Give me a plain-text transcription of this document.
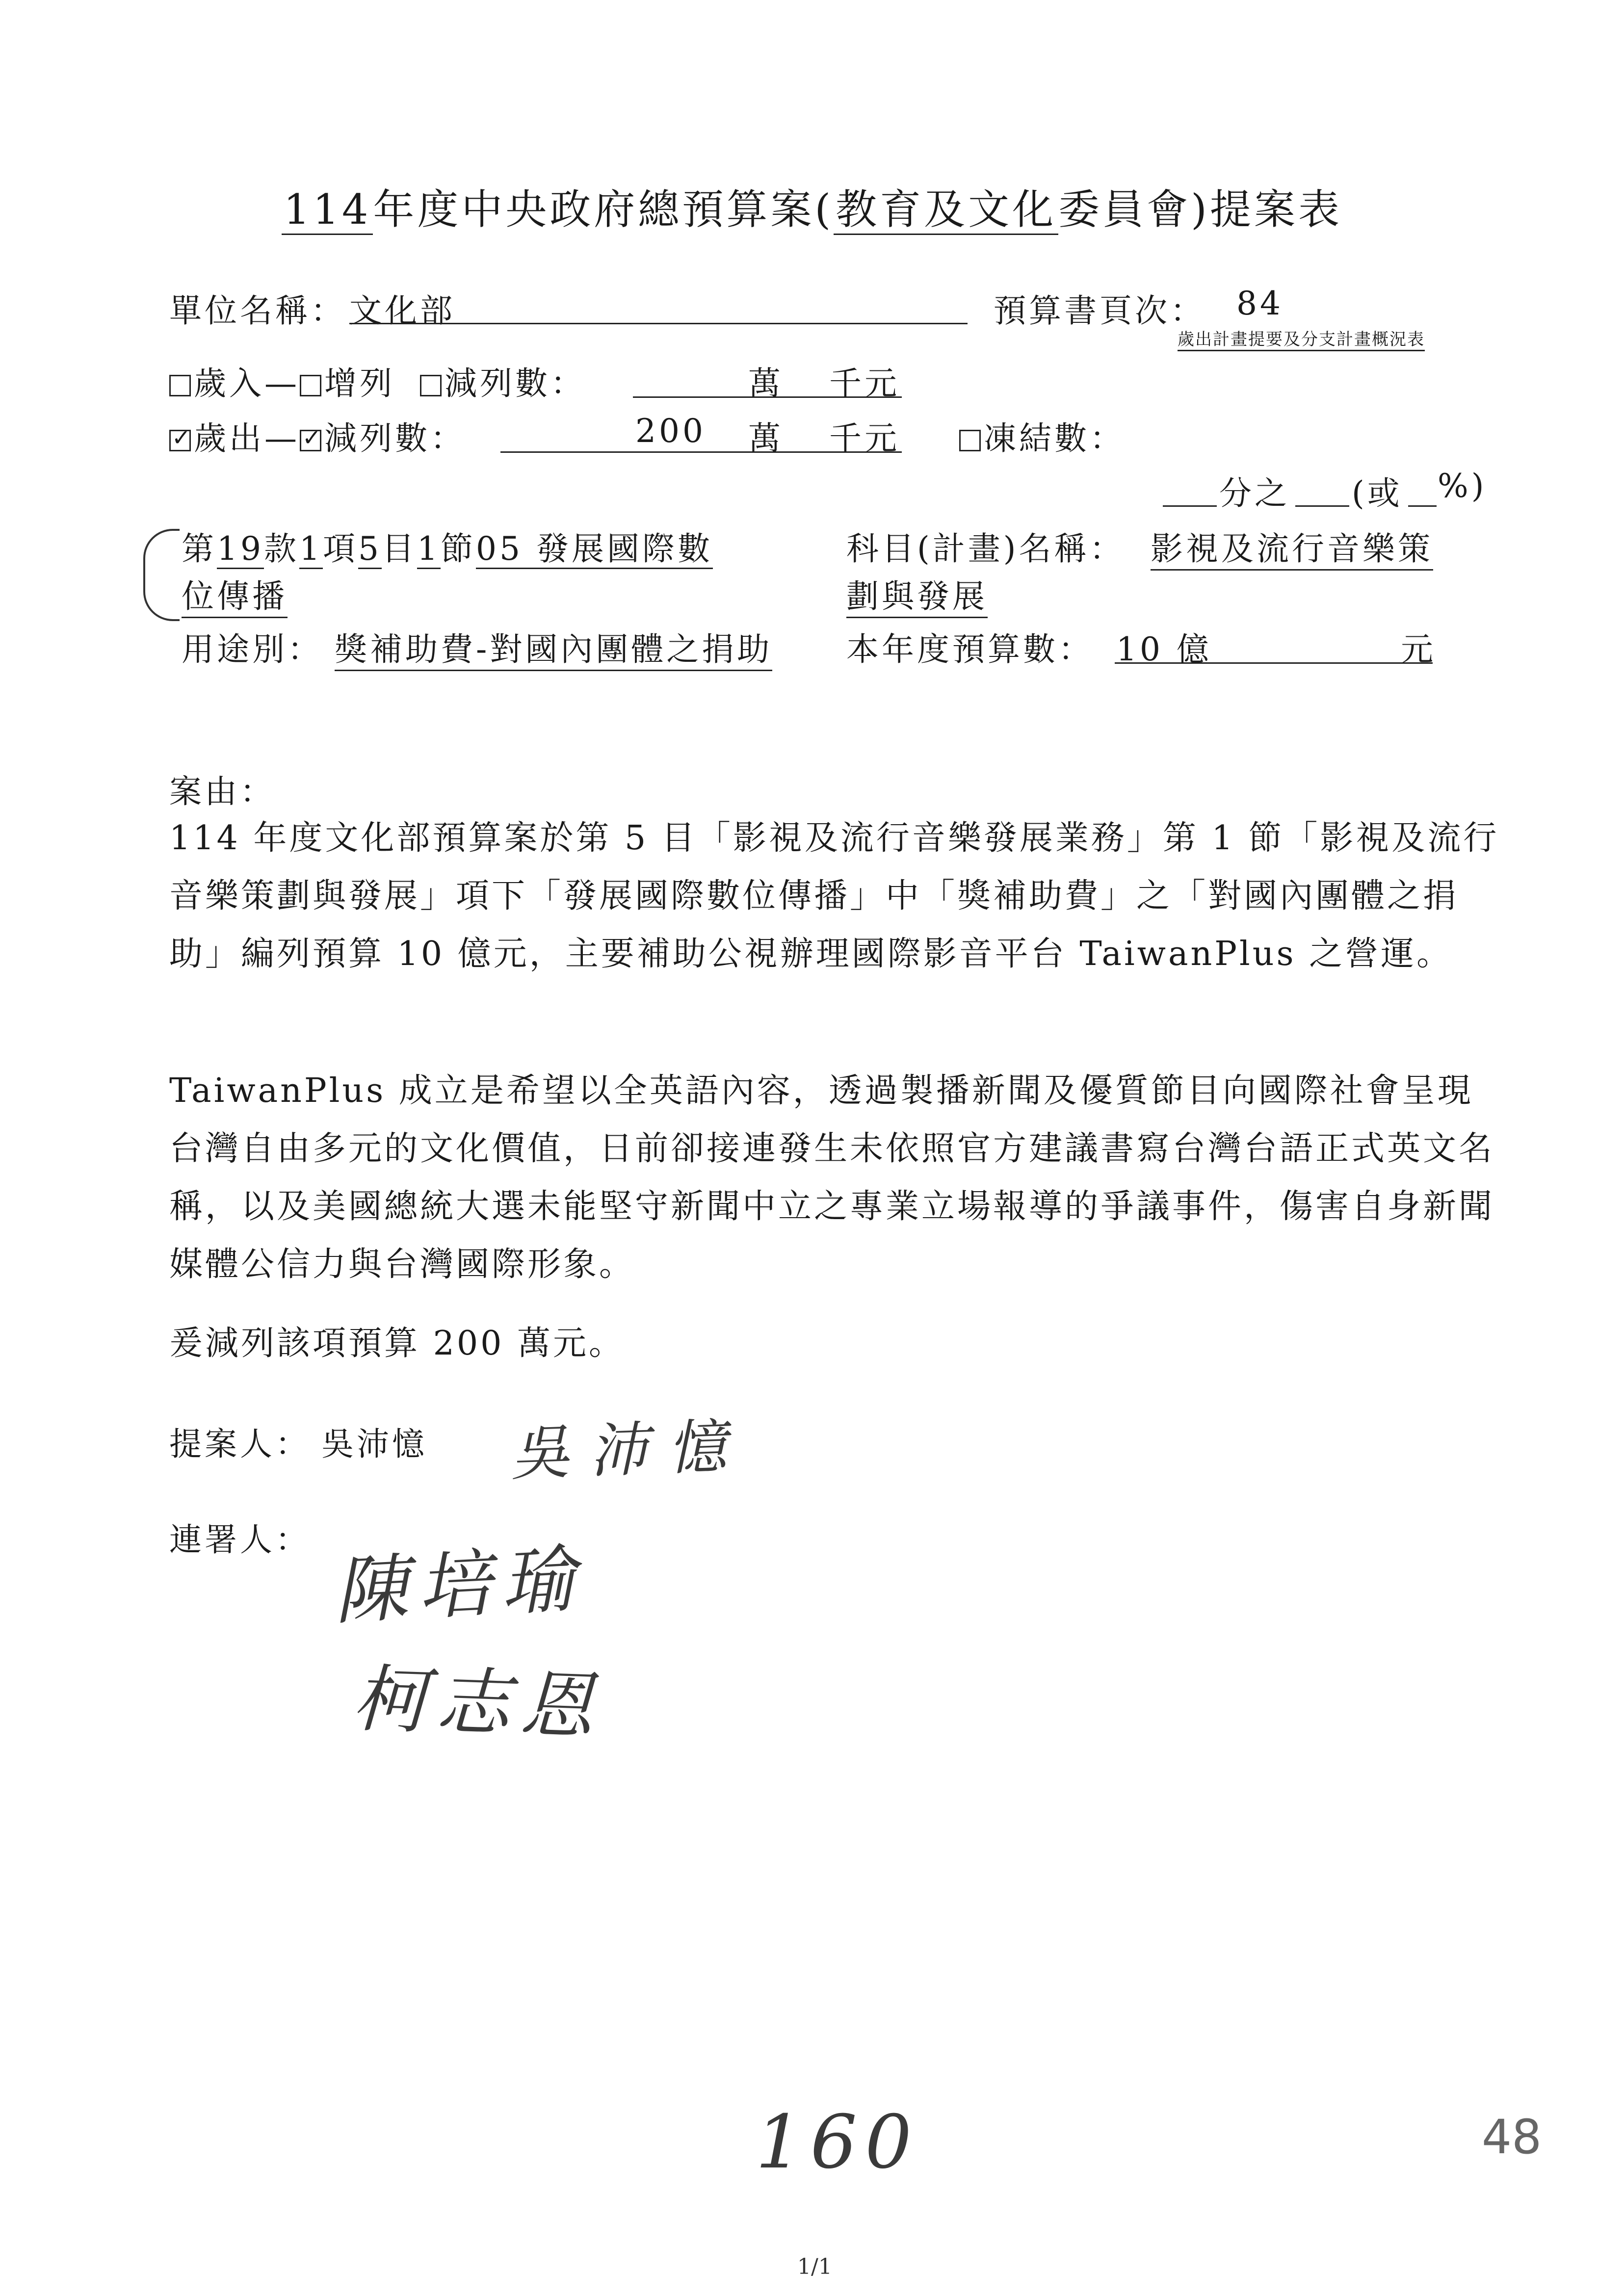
114年度中央政府總預算案(教育及文化委員會)提案表
單位名稱： 文化部	預算書頁次： 84
歲出計畫提要及分支計畫概況表
歲入— 增列 減列數：	萬 千元
✓歲出—✓ 減列數：	200 萬 千元	凍結數：
分之 (或 %)
第19款1項5目1節05 發展國際數
位傳播
科目(計畫)名稱： 影視及流行音樂策
劃與發展
用途別： 獎補助費-對國內團體之捐助 本年度預算數： 10 億	元
案由：

114 年度文化部預算案於第 5 目「影視及流行音樂發展業務」第 1 節「影視及流行音樂策劃與發展」項下「發展國際數位傳播」中「獎補助費」之「對國內團體之捐助」編列預算 10 億元，主要補助公視辦理國際影音平台 TaiwanPlus 之營運。

TaiwanPlus 成立是希望以全英語內容，透過製播新聞及優質節目向國際社會呈現台灣自由多元的文化價值，日前卻接連發生未依照官方建議書寫台灣台語正式英文名稱，以及美國總統大選未能堅守新聞中立之專業立場報導的爭議事件，傷害自身新聞媒體公信力與台灣國際形象。

爰減列該項預算 200 萬元。

提案人： 吳沛憶 吳沛憶
連署人： 陳培瑜
柯志恩
160	48
1/1
